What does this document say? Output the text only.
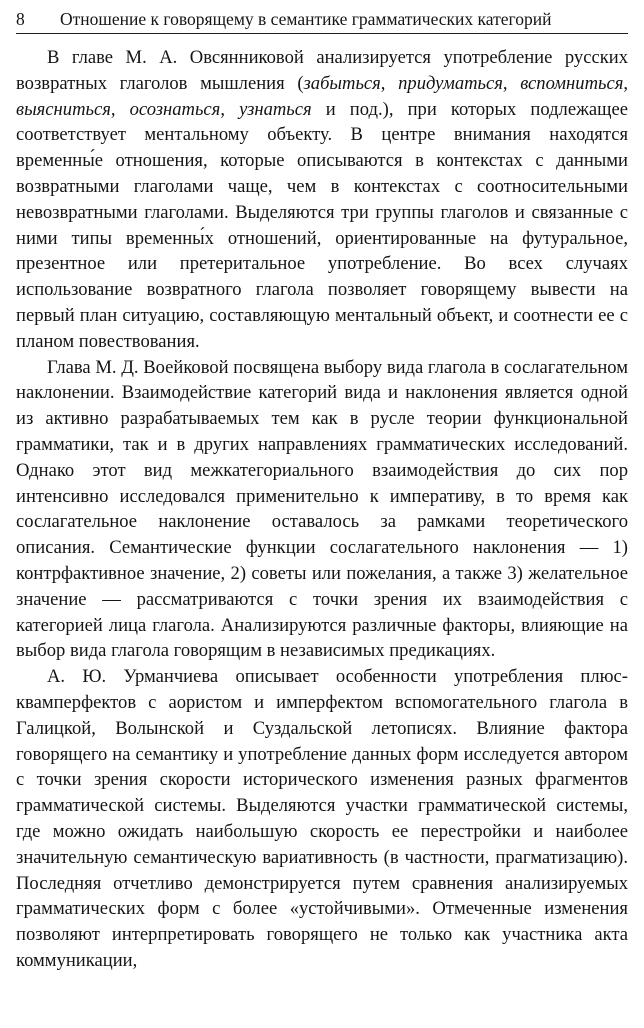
8	Отношение к говорящему в семантике грамматических категорий

В главе М. А. Овсянниковой анализируется употребление русских возвратных глаголов мышления (забыться, придуматься, вспомниться, выясниться, осознаться, узнаться и под.), при которых подлежащее соответствует ментальному объекту. В центре внимания находятся временны́е отношения, которые описываются в контекстах с данными возвратными глаголами чаще, чем в контекстах с соотносительными невозвратными глаголами. Выделяются три группы глаголов и связанные с ними типы временны́х отношений, ориентированные на футуральное, презентное или претеритальное употребление. Во всех случаях использование возвратного глагола позволяет говорящему вывести на первый план ситуацию, составляющую ментальный объект, и соотнести ее с планом повествования.

Глава М. Д. Воейковой посвящена выбору вида глагола в сослагательном наклонении. Взаимодействие категорий вида и наклонения является одной из активно разрабатываемых тем как в русле теории функциональной грамматики, так и в других направлениях грамматических исследований. Однако этот вид межкатегориального взаимодействия до сих пор интенсивно исследовался применительно к императиву, в то время как сослагательное наклонение оставалось за рамками теоретического описания. Семантические функции сослагательного наклонения — 1) контрфактивное значение, 2) советы или пожелания, а также 3) желательное значение — рассматриваются с точки зрения их взаимодействия с категорией лица глагола. Анализируются различные факторы, влияющие на выбор вида глагола говорящим в независимых предикациях.

А. Ю. Урманчиева описывает особенности употребления плюсквамперфектов с аористом и имперфектом вспомогательного глагола в Галицкой, Волынской и Суздальской летописях. Влияние фактора говорящего на семантику и употребление данных форм исследуется автором с точки зрения скорости исторического изменения разных фрагментов грамматической системы. Выделяются участки грамматической системы, где можно ожидать наибольшую скорость ее перестройки и наиболее значительную семантическую вариативность (в частности, прагматизацию). Последняя отчетливо демонстрируется путем сравнения анализируемых грамматических форм с более «устойчивыми». Отмеченные изменения позволяют интерпретировать говорящего не только как участника акта коммуникации,
